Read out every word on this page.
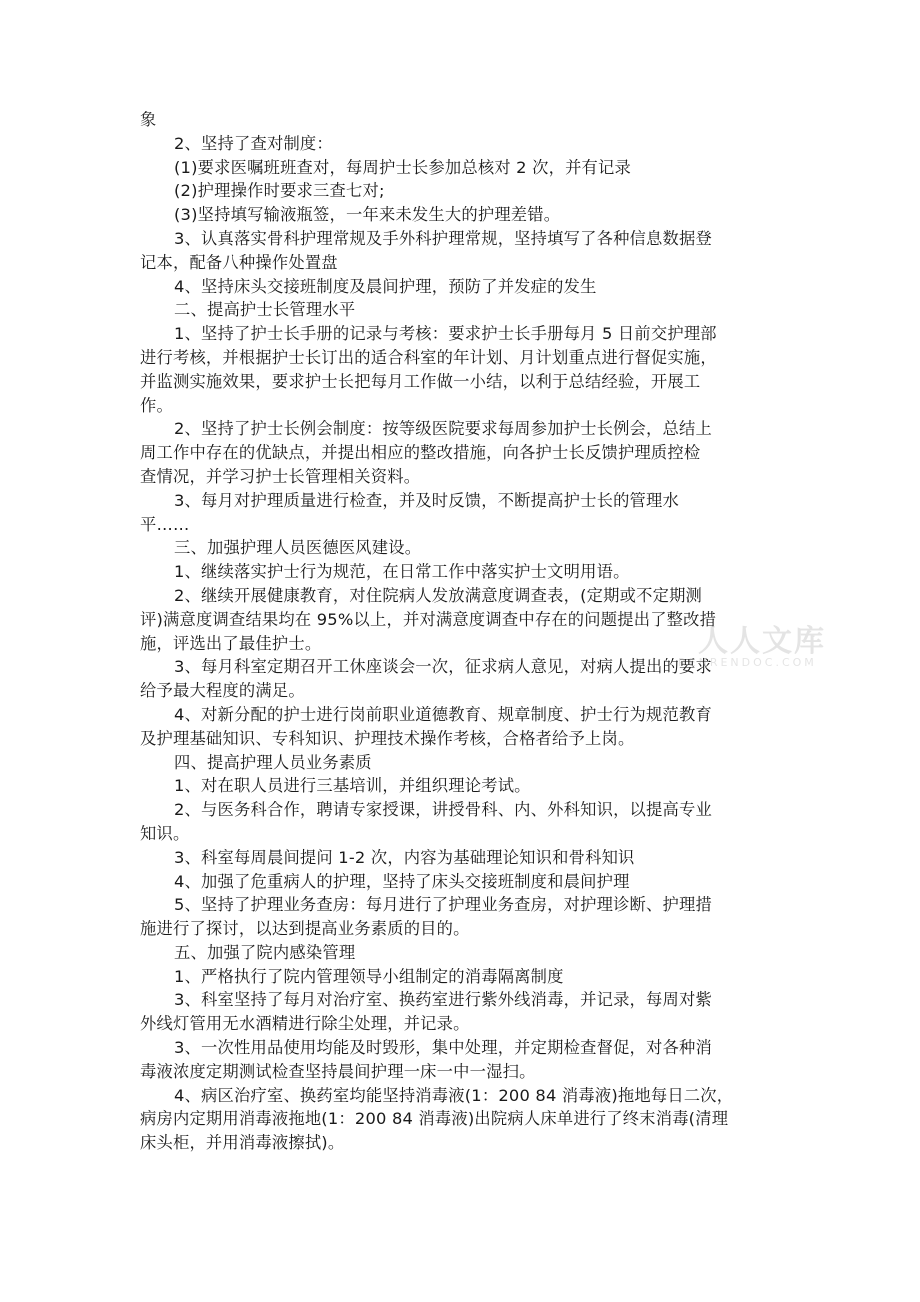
象
2、坚持了查对制度：
(1)要求医嘱班班查对，每周护士长参加总核对 2 次，并有记录
(2)护理操作时要求三查七对;
(3)坚持填写输液瓶签，一年来未发生大的护理差错。
3、认真落实骨科护理常规及手外科护理常规，坚持填写了各种信息数据登
记本，配备八种操作处置盘
4、坚持床头交接班制度及晨间护理，预防了并发症的发生
二、提高护士长管理水平
1、坚持了护士长手册的记录与考核：要求护士长手册每月 5 日前交护理部
进行考核，并根据护士长订出的适合科室的年计划、月计划重点进行督促实施，
并监测实施效果，要求护士长把每月工作做一小结，以利于总结经验，开展工
作。
2、坚持了护士长例会制度：按等级医院要求每周参加护士长例会，总结上
周工作中存在的优缺点，并提出相应的整改措施，向各护士长反馈护理质控检
查情况，并学习护士长管理相关资料。
3、每月对护理质量进行检查，并及时反馈，不断提高护士长的管理水
平……
三、加强护理人员医德医风建设。
1、继续落实护士行为规范，在日常工作中落实护士文明用语。
2、继续开展健康教育，对住院病人发放满意度调查表，(定期或不定期测
评)满意度调查结果均在 95%以上，并对满意度调查中存在的问题提出了整改措
施，评选出了最佳护士。
3、每月科室定期召开工休座谈会一次，征求病人意见，对病人提出的要求
给予最大程度的满足。
4、对新分配的护士进行岗前职业道德教育、规章制度、护士行为规范教育
及护理基础知识、专科知识、护理技术操作考核，合格者给予上岗。
四、提高护理人员业务素质
1、对在职人员进行三基培训，并组织理论考试。
2、与医务科合作，聘请专家授课，讲授骨科、内、外科知识，以提高专业
知识。
3、科室每周晨间提问 1-2 次，内容为基础理论知识和骨科知识
4、加强了危重病人的护理，坚持了床头交接班制度和晨间护理
5、坚持了护理业务查房：每月进行了护理业务查房，对护理诊断、护理措
施进行了探讨，以达到提高业务素质的目的。
五、加强了院内感染管理
1、严格执行了院内管理领导小组制定的消毒隔离制度
3、科室坚持了每月对治疗室、换药室进行紫外线消毒，并记录，每周对紫
外线灯管用无水酒精进行除尘处理，并记录。
3、一次性用品使用均能及时毁形，集中处理，并定期检查督促，对各种消
毒液浓度定期测试检查坚持晨间护理一床一中一湿扫。
4、病区治疗室、换药室均能坚持消毒液(1：200 84 消毒液)拖地每日二次，
病房内定期用消毒液拖地(1：200 84 消毒液)出院病人床单进行了终末消毒(清理
床头柜，并用消毒液擦拭)。
人人文库
RENRENDOC.COM
